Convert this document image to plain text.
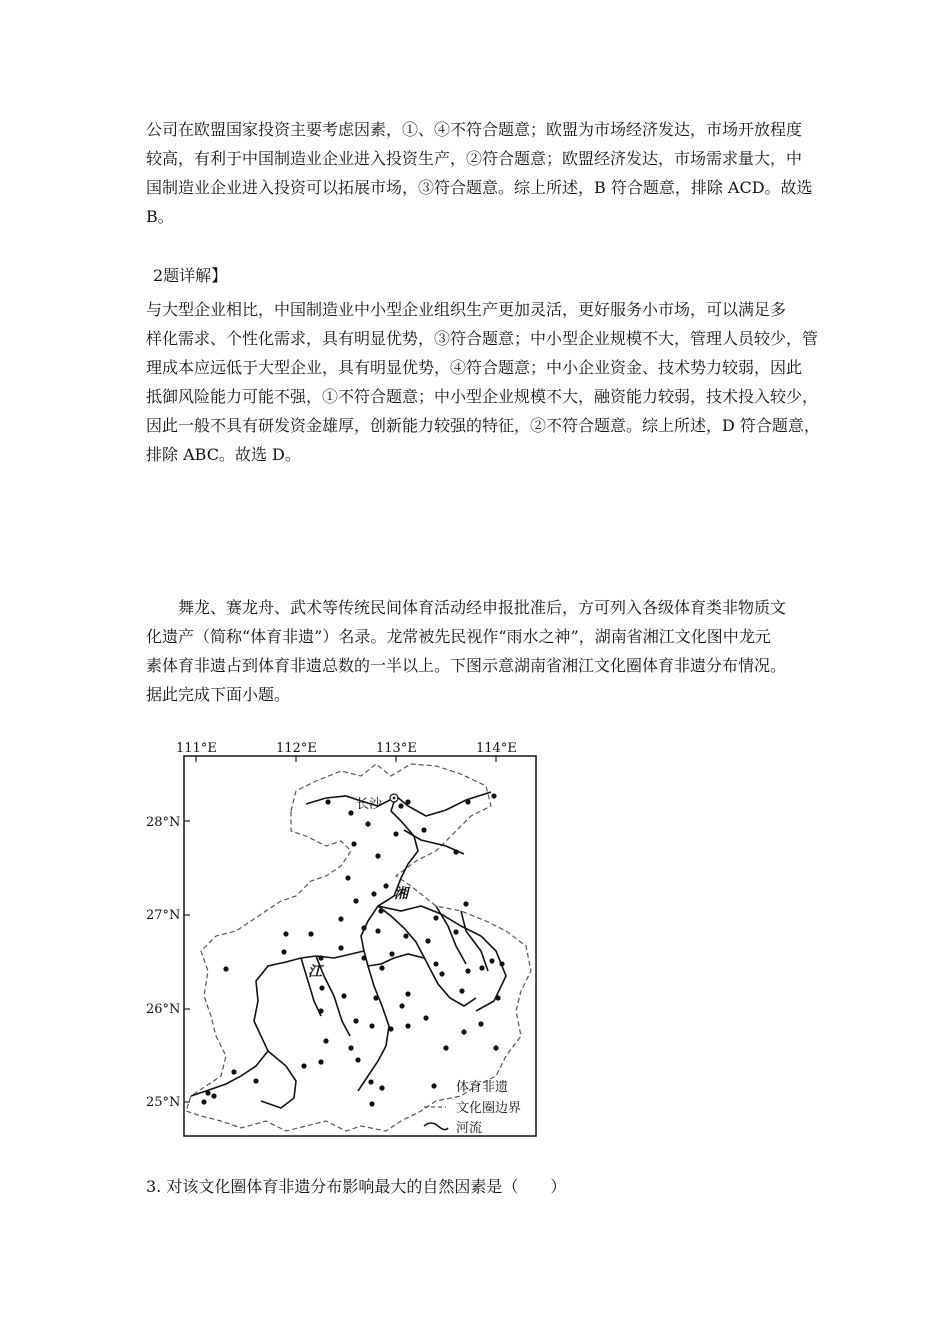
公司在欧盟国家投资主要考虑因素，①、④不符合题意；欧盟为市场经济发达，市场开放程度
较高，有利于中国制造业企业进入投资生产，②符合题意；欧盟经济发达，市场需求量大，中
国制造业企业进入投资可以拓展市场，③符合题意。综上所述，B 符合题意，排除 ACD。故选
B。
2题详解】
与大型企业相比，中国制造业中小型企业组织生产更加灵活，更好服务小市场，可以满足多
样化需求、个性化需求，具有明显优势，③符合题意；中小型企业规模不大，管理人员较少，管
理成本应远低于大型企业，具有明显优势，④符合题意；中小企业资金、技术势力较弱，因此
抵御风险能力可能不强，①不符合题意；中小型企业规模不大，融资能力较弱，技术投入较少，
因此一般不具有研发资金雄厚，创新能力较强的特征，②不符合题意。综上所述，D 符合题意，
排除 ABC。故选 D。
　　舞龙、赛龙舟、武术等传统民间体育活动经申报批准后，方可列入各级体育类非物质文
化遗产（简称“体育非遗”）名录。龙常被先民视作“雨水之神”，湖南省湘江文化图中龙元
素体育非遗占到体育非遗总数的一半以上。下图示意湖南省湘江文化圈体育非遗分布情况。
据此完成下面小题。
111°E	112°E	113°E	114°E
28°N
27°N
26°N
25°N
长沙
湘
江
体育非遗
文化圈边界
河流
3. 对该文化圈体育非遗分布影响最大的自然因素是（　　）
